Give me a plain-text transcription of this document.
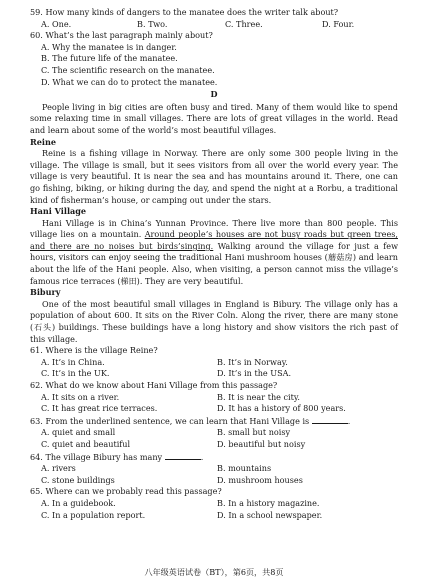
59. How many kinds of dangers to the manatee does the writer talk about?
A. One.	B. Two.	C. Three.	D. Four.
60. What’s the last paragraph mainly about?
A. Why the manatee is in danger.
B. The future life of the manatee.
C. The scientific research on the manatee.
D. What we can do to protect the manatee.
D

People living in big cities are often busy and tired. Many of them would like to spend some relaxing time in small villages. There are lots of great villages in the world. Read and learn about some of the world’s most beautiful villages.

Reine

Reine is a fishing village in Norway. There are only some 300 people living in the village. The village is small, but it sees visitors from all over the world every year. The village is very beautiful. It is near the sea and has mountains around it. There, one can go fishing, biking, or hiking during the day, and spend the night at a Rorbu, a traditional kind of fisherman’s house, or camping out under the stars.

Hani Village

Hani Village is in China’s Yunnan Province. There live more than 800 people. This village lies on a mountain. Around people’s houses are not busy roads but green trees, and there are no noises but birds’singing. Walking around the village for just a few hours, visitors can enjoy seeing the traditional Hani mushroom houses (蘑菇房) and learn about the life of the Hani people. Also, when visiting, a person cannot miss the village’s famous rice terraces (梯田). They are very beautiful.

Bibury

One of the most beautiful small villages in England is Bibury. The village only has a population of about 600. It sits on the River Coln. Along the river, there are many stone (石头) buildings. These buildings have a long history and show visitors the rich past of this village.

61. Where is the village Reine?
A. It’s in China.	B. It’s in Norway.
C. It’s in the UK.	D. It’s in the USA.
62. What do we know about Hani Village from this passage?
A. It sits on a river.	B. It is near the city.
C. It has great rice terraces.	D. It has a history of 800 years.
63. From the underlined sentence, we can learn that Hani Village is	.
A. quiet and small	B. small but noisy
C. quiet and beautiful	D. beautiful but noisy
64. The village Bibury has many	.
A. rivers	B. mountains
C. stone buildings	D. mushroom houses
65. Where can we probably read this passage?
A. In a guidebook.	B. In a history magazine.
C. In a population report.	D. In a school newspaper.
八年级英语试卷（BT），第6页，共8页
